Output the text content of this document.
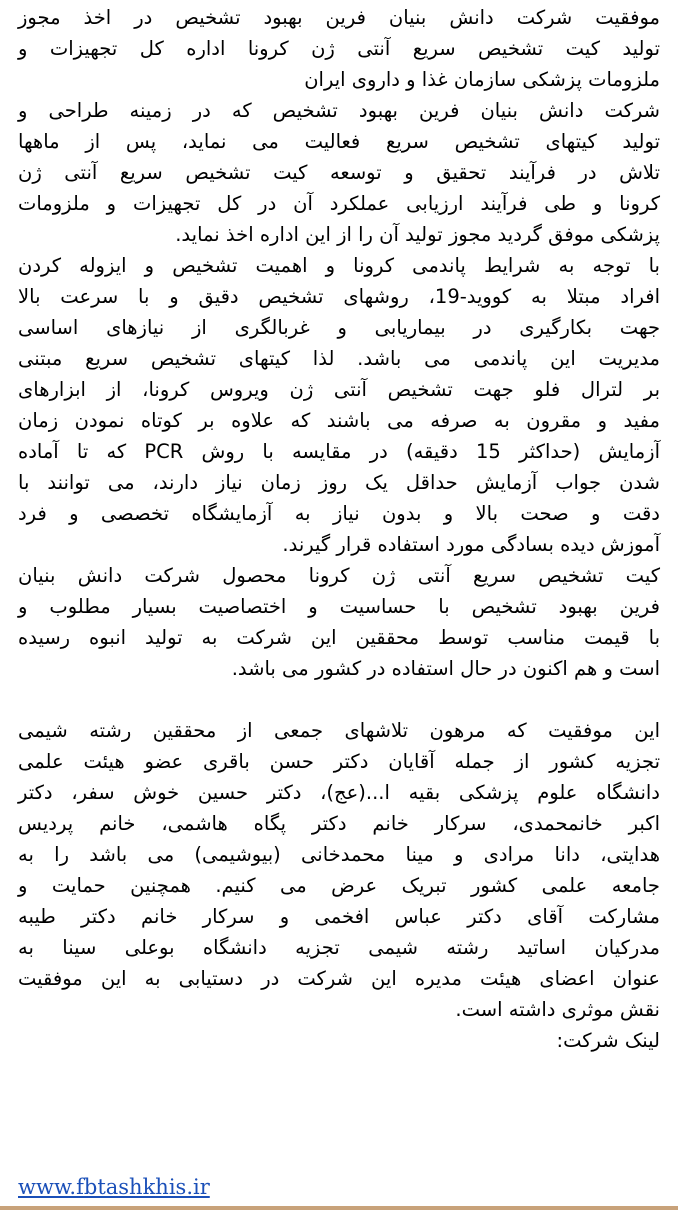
موفقیت شرکت دانش بنیان فرین بهبود تشخیص در اخذ مجوز
تولید کیت تشخیص سریع آنتی ژن کرونا اداره کل تجهیزات و
ملزومات پزشکی سازمان غذا و داروی ایران
شرکت دانش بنیان فرین بهبود تشخیص که در زمینه طراحی و
تولید کیتهای تشخیص سریع فعالیت می نماید، پس از ماهها
تلاش در فرآیند تحقیق و توسعه کیت تشخیص سریع آنتی ژن
کرونا و طی فرآیند ارزیابی عملکرد آن در کل تجهیزات و ملزومات
پزشکی موفق گردید مجوز تولید آن را از این اداره اخذ نماید.
با توجه به شرایط پاندمی کرونا و اهمیت تشخیص و ایزوله کردن
افراد مبتلا به کووید-19، روشهای تشخیص دقیق و با سرعت بالا
جهت بکارگیری در بیماریابی و غربالگری از نیازهای اساسی
مدیریت این پاندمی می باشد. لذا کیتهای تشخیص سریع مبتنی
بر لترال فلو جهت تشخیص آنتی ژن ویروس کرونا، از ابزارهای
مفید و مقرون به صرفه می باشند که علاوه بر کوتاه نمودن زمان
آزمایش (حداکثر 15 دقیقه) در مقایسه با روش PCR که تا آماده
شدن جواب آزمایش حداقل یک روز زمان نیاز دارند، می توانند با
دقت و صحت بالا و بدون نیاز به آزمایشگاه تخصصی و فرد
آموزش دیده بسادگی مورد استفاده قرار گیرند.
کیت تشخیص سریع آنتی ژن کرونا محصول شرکت دانش بنیان
فرین بهبود تشخیص با حساسیت و اختصاصیت بسیار مطلوب و
با قیمت مناسب توسط محققین این شرکت به تولید انبوه رسیده
است و هم اکنون در حال استفاده در کشور می باشد.
این موفقیت که مرهون تلاشهای جمعی از محققین رشته شیمی
تجزیه کشور از جمله آقایان دکتر حسن باقری عضو هیئت علمی
دانشگاه علوم پزشکی بقیه ا...(عج)، دکتر حسین خوش سفر، دکتر
اکبر خانمحمدی، سرکار خانم دکتر پگاه هاشمی، خانم پردیس
هدایتی، دانا مرادی و مینا محمدخانی (بیوشیمی) می باشد را به
جامعه علمی کشور تبریک عرض می کنیم. همچنین حمایت و
مشارکت آقای دکتر عباس افخمی و سرکار خانم دکتر طیبه
مدرکیان اساتید رشته شیمی تجزیه دانشگاه بوعلی سینا به
عنوان اعضای هیئت مدیره این شرکت در دستیابی به این موفقیت
نقش موثری داشته است.
لینک شرکت:
www.fbtashkhis.ir
